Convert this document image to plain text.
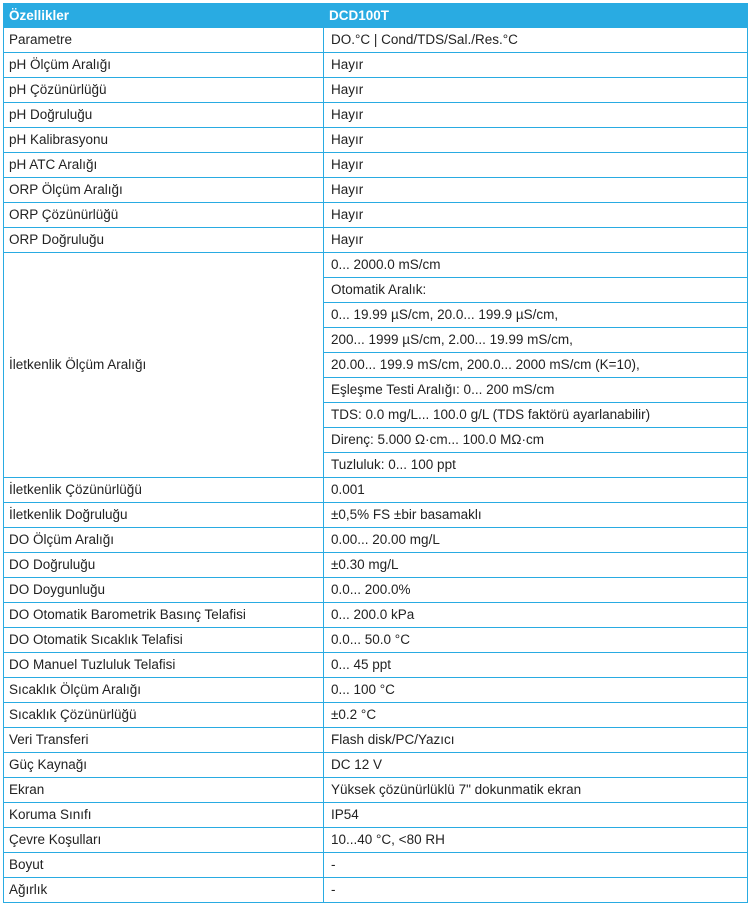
Özellikler	DCD100T
Parametre	DO.°C | Cond/TDS/Sal./Res.°C
pH Ölçüm Aralığı	Hayır
pH Çözünürlüğü	Hayır
pH Doğruluğu	Hayır
pH Kalibrasyonu	Hayır
pH ATC Aralığı	Hayır
ORP Ölçüm Aralığı	Hayır
ORP Çözünürlüğü	Hayır
ORP Doğruluğu	Hayır
İletkenlik Ölçüm Aralığı	0... 2000.0 mS/cm
	Otomatik Aralık:
	0... 19.99 µS/cm, 20.0... 199.9 µS/cm,
	200... 1999 µS/cm, 2.00... 19.99 mS/cm,
	20.00... 199.9 mS/cm, 200.0... 2000 mS/cm (K=10),
	Eşleşme Testi Aralığı: 0... 200 mS/cm
	TDS: 0.0 mg/L... 100.0 g/L (TDS faktörü ayarlanabilir)
	Direnç: 5.000 Ω·cm... 100.0 MΩ·cm
	Tuzluluk: 0... 100 ppt
İletkenlik Çözünürlüğü	0.001
İletkenlik Doğruluğu	±0,5% FS ±bir basamaklı
DO Ölçüm Aralığı	0.00... 20.00 mg/L
DO Doğruluğu	±0.30 mg/L
DO Doygunluğu	0.0... 200.0%
DO Otomatik Barometrik Basınç Telafisi	0... 200.0 kPa
DO Otomatik Sıcaklık Telafisi	0.0... 50.0 °C
DO Manuel Tuzluluk Telafisi	0... 45 ppt
Sıcaklık Ölçüm Aralığı	0... 100 °C
Sıcaklık Çözünürlüğü	±0.2 °C
Veri Transferi	Flash disk/PC/Yazıcı
Güç Kaynağı	DC 12 V
Ekran	Yüksek çözünürlüklü 7" dokunmatik ekran
Koruma Sınıfı	IP54
Çevre Koşulları	10...40 °C, <80 RH
Boyut	-
Ağırlık	-
